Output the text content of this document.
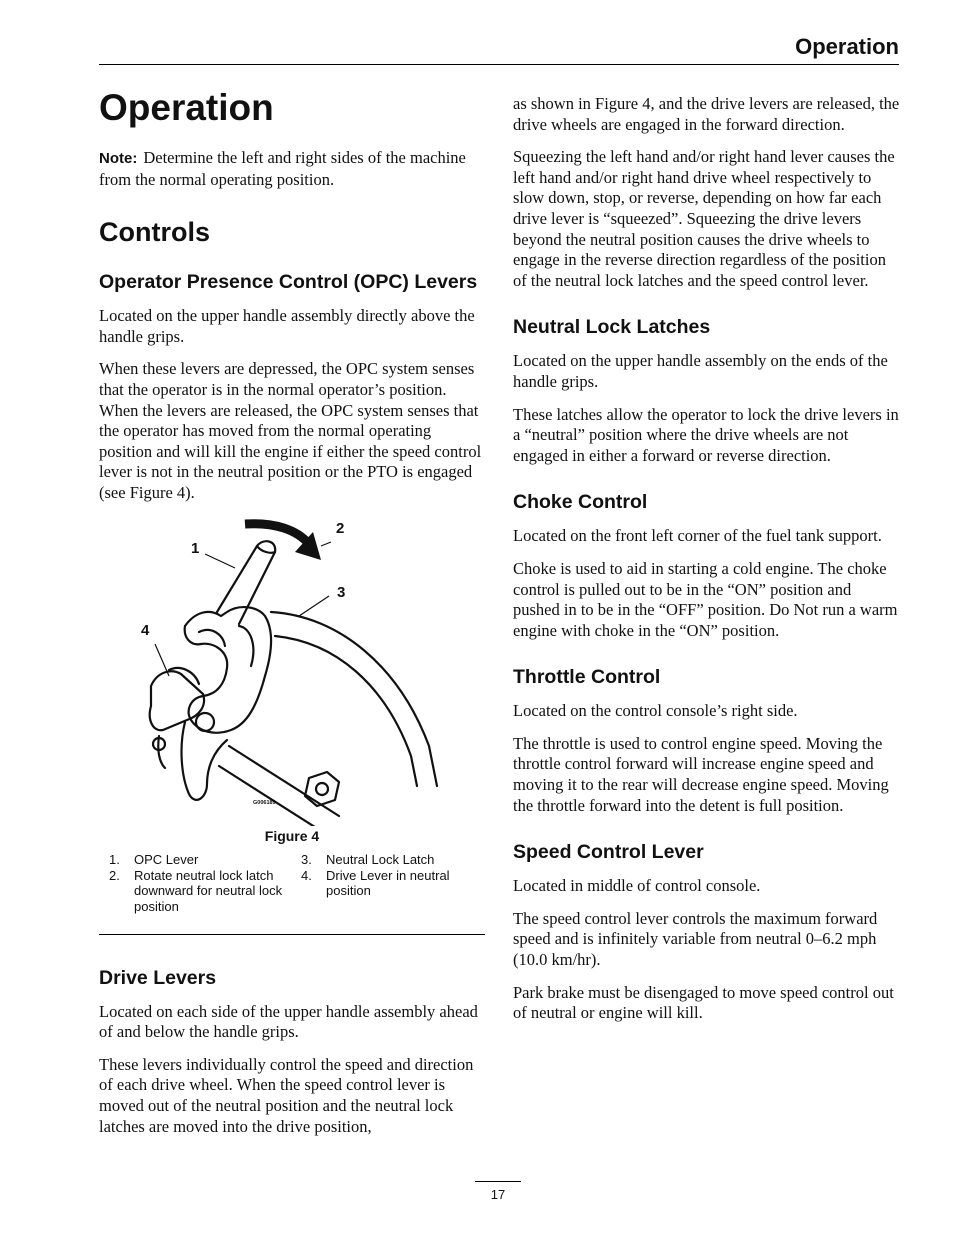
Operation
Operation

Note: Determine the left and right sides of the machine from the normal operating position.

Controls
Operator Presence Control (OPC) Levers

Located on the upper handle assembly directly above the handle grips.

When these levers are depressed, the OPC system senses that the operator is in the normal operator’s position. When the levers are released, the OPC system senses that the operator has moved from the normal operating position and will kill the engine if either the speed control lever is not in the neutral position or the PTO is engaged (see Figure 4).

1
2
3
4
G006189
Figure 4
1. OPC Lever
2. Rotate neutral lock latch downward for neutral lock position
3. Neutral Lock Latch
4. Drive Lever in neutral position
Drive Levers

Located on each side of the upper handle assembly ahead of and below the handle grips.

These levers individually control the speed and direction of each drive wheel. When the speed control lever is moved out of the neutral position and the neutral lock latches are moved into the drive position,

as shown in Figure 4, and the drive levers are released, the drive wheels are engaged in the forward direction.

Squeezing the left hand and/or right hand lever causes the left hand and/or right hand drive wheel respectively to slow down, stop, or reverse, depending on how far each drive lever is “squeezed”. Squeezing the drive levers beyond the neutral position causes the drive wheels to engage in the reverse direction regardless of the position of the neutral lock latches and the speed control lever.

Neutral Lock Latches

Located on the upper handle assembly on the ends of the handle grips.

These latches allow the operator to lock the drive levers in a “neutral” position where the drive wheels are not engaged in either a forward or reverse direction.

Choke Control

Located on the front left corner of the fuel tank support.

Choke is used to aid in starting a cold engine. The choke control is pulled out to be in the “ON” position and pushed in to be in the “OFF” position. Do Not run a warm engine with choke in the “ON” position.

Throttle Control

Located on the control console’s right side.

The throttle is used to control engine speed. Moving the throttle control forward will increase engine speed and moving it to the rear will decrease engine speed. Moving the throttle forward into the detent is full position.

Speed Control Lever

Located in middle of control console.

The speed control lever controls the maximum forward speed and is infinitely variable from neutral 0–6.2 mph (10.0 km/hr).

Park brake must be disengaged to move speed control out of neutral or engine will kill.

17
